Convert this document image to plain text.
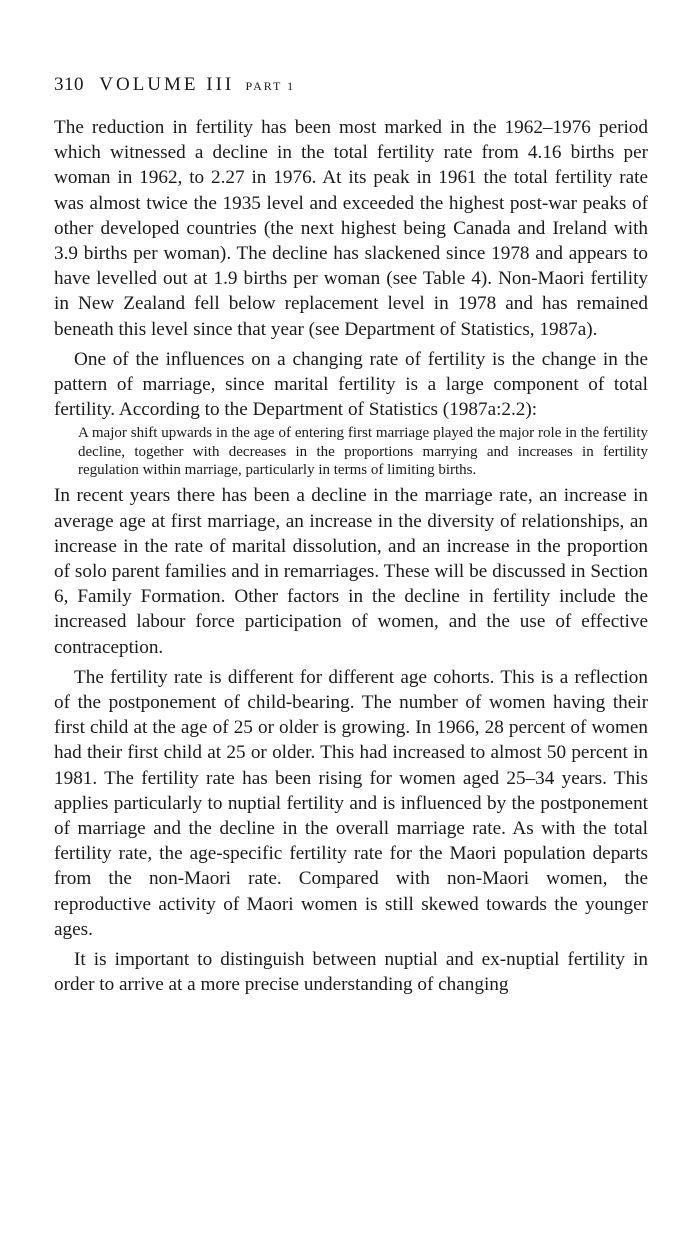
310 VOLUME III PART 1

The reduction in fertility has been most marked in the 1962–1976 period which witnessed a decline in the total fertility rate from 4.16 births per woman in 1962, to 2.27 in 1976. At its peak in 1961 the total fertility rate was almost twice the 1935 level and exceeded the highest post-war peaks of other developed countries (the next highest being Canada and Ireland with 3.9 births per woman). The decline has slackened since 1978 and appears to have levelled out at 1.9 births per woman (see Table 4). Non-Maori fertility in New Zealand fell below replacement level in 1978 and has remained beneath this level since that year (see Department of Statistics, 1987a).

One of the influences on a changing rate of fertility is the change in the pattern of marriage, since marital fertility is a large component of total fertility. According to the Department of Statistics (1987a:2.2):

A major shift upwards in the age of entering first marriage played the major role in the fertility decline, together with decreases in the proportions marrying and increases in fertility regulation within marriage, particularly in terms of limiting births.

In recent years there has been a decline in the marriage rate, an increase in average age at first marriage, an increase in the diversity of relationships, an increase in the rate of marital dissolution, and an increase in the proportion of solo parent families and in remarriages. These will be discussed in Section 6, Family Formation. Other factors in the decline in fertility include the increased labour force participation of women, and the use of effective contraception.

The fertility rate is different for different age cohorts. This is a reflection of the postponement of child-bearing. The number of women having their first child at the age of 25 or older is growing. In 1966, 28 percent of women had their first child at 25 or older. This had increased to almost 50 percent in 1981. The fertility rate has been rising for women aged 25–34 years. This applies particularly to nuptial fertility and is influenced by the postponement of marriage and the decline in the overall marriage rate. As with the total fertility rate, the age-specific fertility rate for the Maori population departs from the non-Maori rate. Compared with non-Maori women, the reproductive activity of Maori women is still skewed towards the younger ages.

It is important to distinguish between nuptial and ex-nuptial fertility in order to arrive at a more precise understanding of changing
